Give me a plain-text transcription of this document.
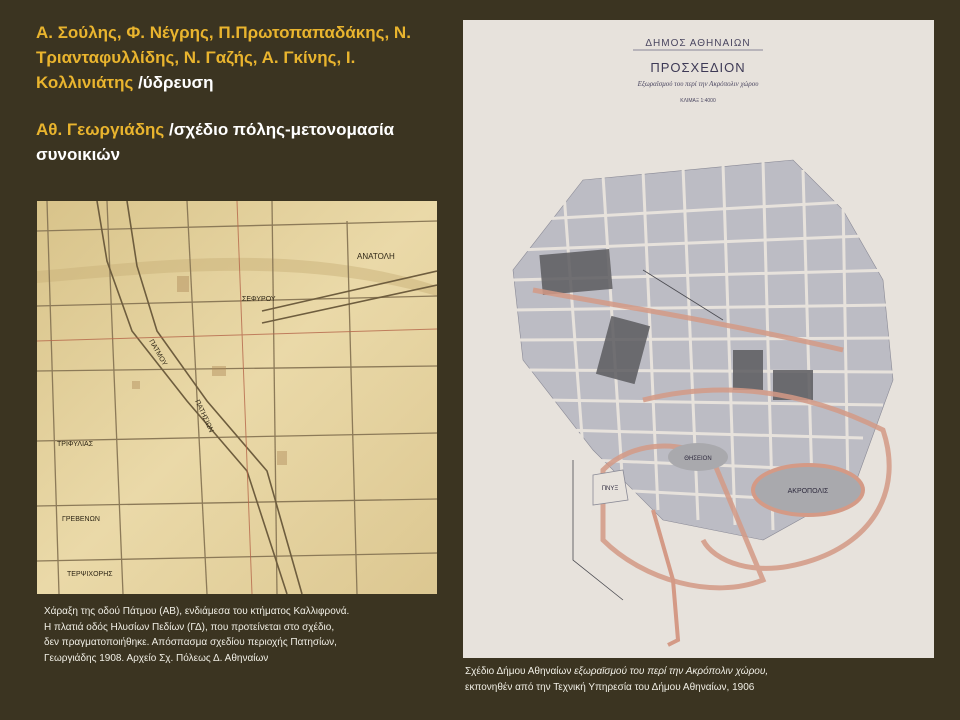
Α. Σούλης, Φ. Νέγρης, Π.Πρωτοπαπαδάκης, Ν. Τριανταφυλλίδης, Ν. Γαζής, Α. Γκίνης, Ι. Κολλινιάτης /ύδρευση

Αθ. Γεωργιάδης /σχέδιο πόλης-μετονομασία συνοικιών

ΑΝΑΤΟΛΗ
ΣΕΦΥΡΟΥ
ΠΑΤΜΟΥ
ΠΑΤΗΣΙΩΝ
ΤΡΙΦΥΛΙΑΣ
ΓΡΕΒΕΝΩΝ
ΤΕΡΨΙΧΟΡΗΣ
ΔΗΜΟΣ ΑΘΗΝΑΙΩΝ
ΠΡΟΣΧΕΔΙΟΝ
Εξωραϊσμού του περί την Ακρόπολιν χώρου
ΚΛΙΜΑΞ 1:4000
ΑΚΡΟΠΟΛΙΣ
ΘΗΣΕΙΟΝ
ΠΝΥΞ
Χάραξη της οδού Πάτμου (ΑΒ), ενδιάμεσα του κτήματος Καλλιφρονά.
Η πλατιά οδός Ηλυσίων Πεδίων (ΓΔ), που προτείνεται στο σχέδιο,
δεν πραγματοποιήθηκε. Απόσπασμα σχεδίου περιοχής Πατησίων,
Γεωργιάδης 1908. Αρχείο Σχ. Πόλεως Δ. Αθηναίων
Σχέδιο Δήμου Αθηναίων εξωραϊσμού του περί την Ακρόπολιν χώρου,
εκπονηθέν από την Τεχνική Υπηρεσία του Δήμου Αθηναίων, 1906
